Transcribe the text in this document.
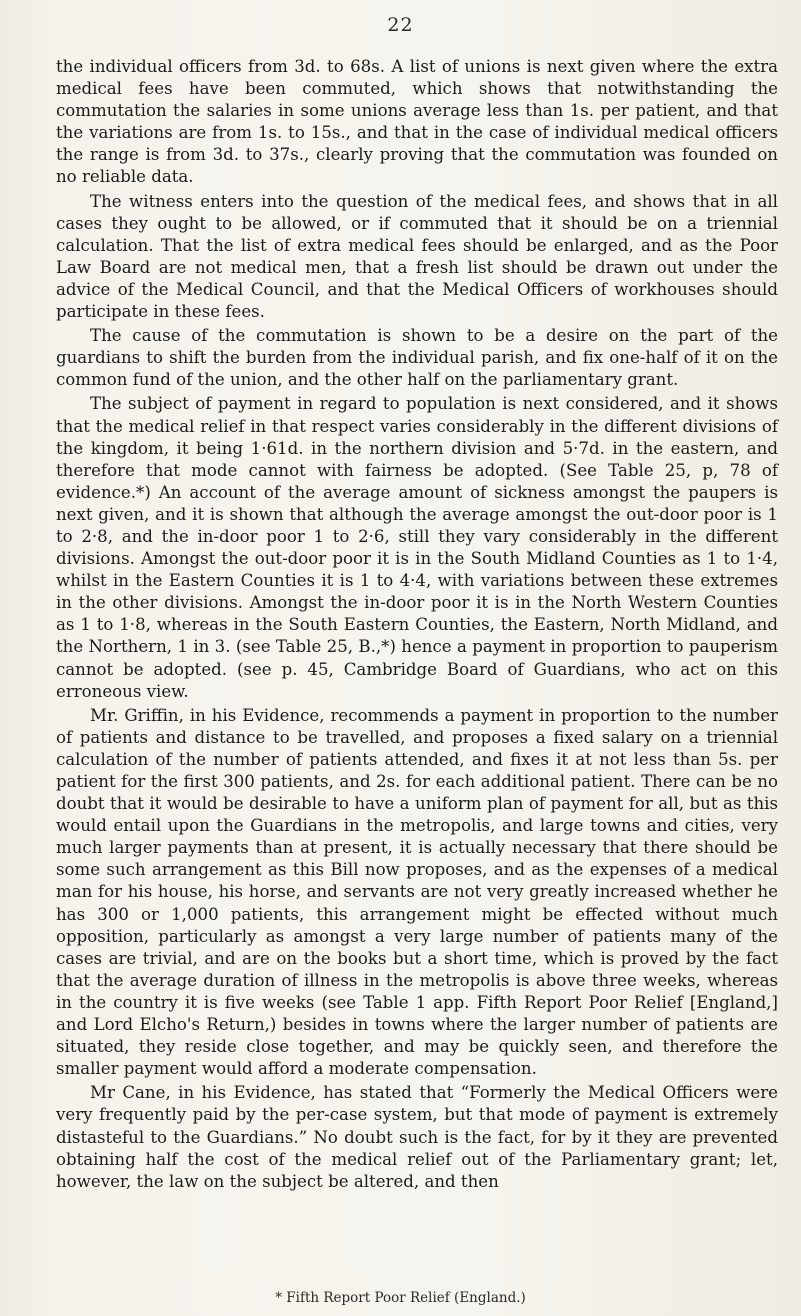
22

the individual officers from 3d. to 68s. A list of unions is next given where the extra medical fees have been commuted, which shows that notwithstanding the commutation the salaries in some unions average less than 1s. per patient, and that the variations are from 1s. to 15s., and that in the case of individual medical officers the range is from 3d. to 37s., clearly proving that the commutation was founded on no reliable data.

The witness enters into the question of the medical fees, and shows that in all cases they ought to be allowed, or if commuted that it should be on a triennial calculation. That the list of extra medical fees should be enlarged, and as the Poor Law Board are not medical men, that a fresh list should be drawn out under the advice of the Medical Council, and that the Medical Officers of workhouses should participate in these fees.

The cause of the commutation is shown to be a desire on the part of the guardians to shift the burden from the individual parish, and fix one-half of it on the common fund of the union, and the other half on the parliamentary grant.

The subject of payment in regard to population is next considered, and it shows that the medical relief in that respect varies considerably in the different divisions of the kingdom, it being 1·61d. in the northern division and 5·7d. in the eastern, and therefore that mode cannot with fairness be adopted. (See Table 25, p, 78 of evidence.*) An account of the average amount of sickness amongst the paupers is next given, and it is shown that although the average amongst the out-door poor is 1 to 2·8, and the in-door poor 1 to 2·6, still they vary considerably in the different divisions. Amongst the out-door poor it is in the South Midland Counties as 1 to 1·4, whilst in the Eastern Counties it is 1 to 4·4, with variations between these extremes in the other divisions. Amongst the in-door poor it is in the North Western Counties as 1 to 1·8, whereas in the South Eastern Counties, the Eastern, North Midland, and the Northern, 1 in 3. (see Table 25, B.,*) hence a payment in proportion to pauperism cannot be adopted. (see p. 45, Cambridge Board of Guardians, who act on this erroneous view.

Mr. Griffin, in his Evidence, recommends a payment in proportion to the number of patients and distance to be travelled, and proposes a fixed salary on a triennial calculation of the number of patients attended, and fixes it at not less than 5s. per patient for the first 300 patients, and 2s. for each additional patient. There can be no doubt that it would be desirable to have a uniform plan of payment for all, but as this would entail upon the Guardians in the metropolis, and large towns and cities, very much larger payments than at present, it is actually necessary that there should be some such arrangement as this Bill now proposes, and as the expenses of a medical man for his house, his horse, and servants are not very greatly increased whether he has 300 or 1,000 patients, this arrangement might be effected without much opposition, particularly as amongst a very large number of patients many of the cases are trivial, and are on the books but a short time, which is proved by the fact that the average duration of illness in the metropolis is above three weeks, whereas in the country it is five weeks (see Table 1 app. Fifth Report Poor Relief [England,] and Lord Elcho's Return,) besides in towns where the larger number of patients are situated, they reside close together, and may be quickly seen, and therefore the smaller payment would afford a moderate compensation.

Mr Cane, in his Evidence, has stated that “Formerly the Medical Officers were very frequently paid by the per-case system, but that mode of payment is extremely distasteful to the Guardians.” No doubt such is the fact, for by it they are prevented obtaining half the cost of the medical relief out of the Parliamentary grant; let, however, the law on the subject be altered, and then

* Fifth Report Poor Relief (England.)
